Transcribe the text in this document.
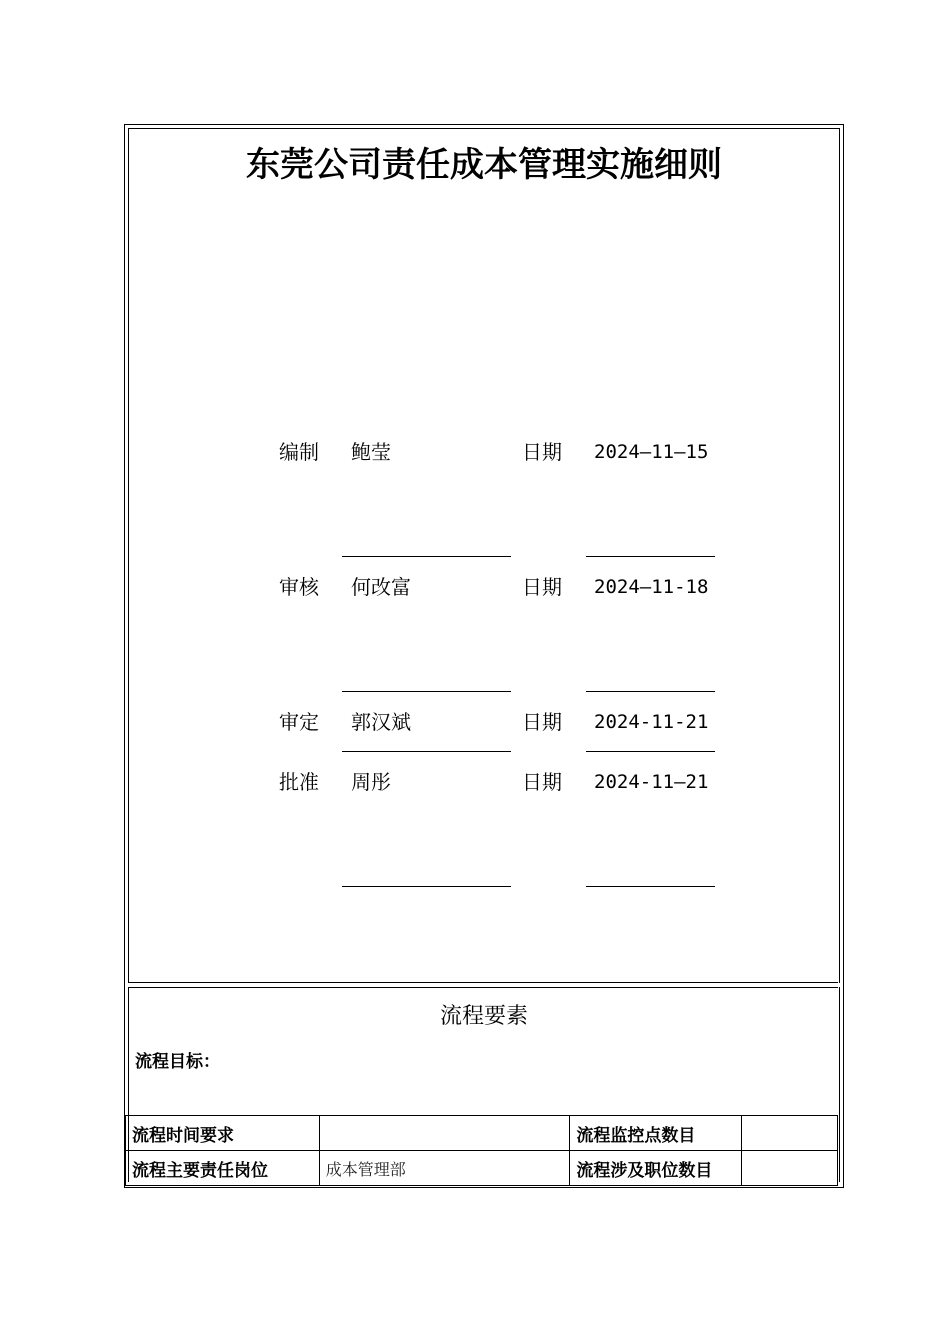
东莞公司责任成本管理实施细则
编制 鲍莹	日期 2024—11—15
审核 何改富	日期 2024—11-18
审定 郭汉斌	日期 2024-11-21
批准 周彤	日期 2024-11—21
流程要素
流程目标：
流程时间要求		流程监控点数目	
流程主要责任岗位	成本管理部	流程涉及职位数目	
